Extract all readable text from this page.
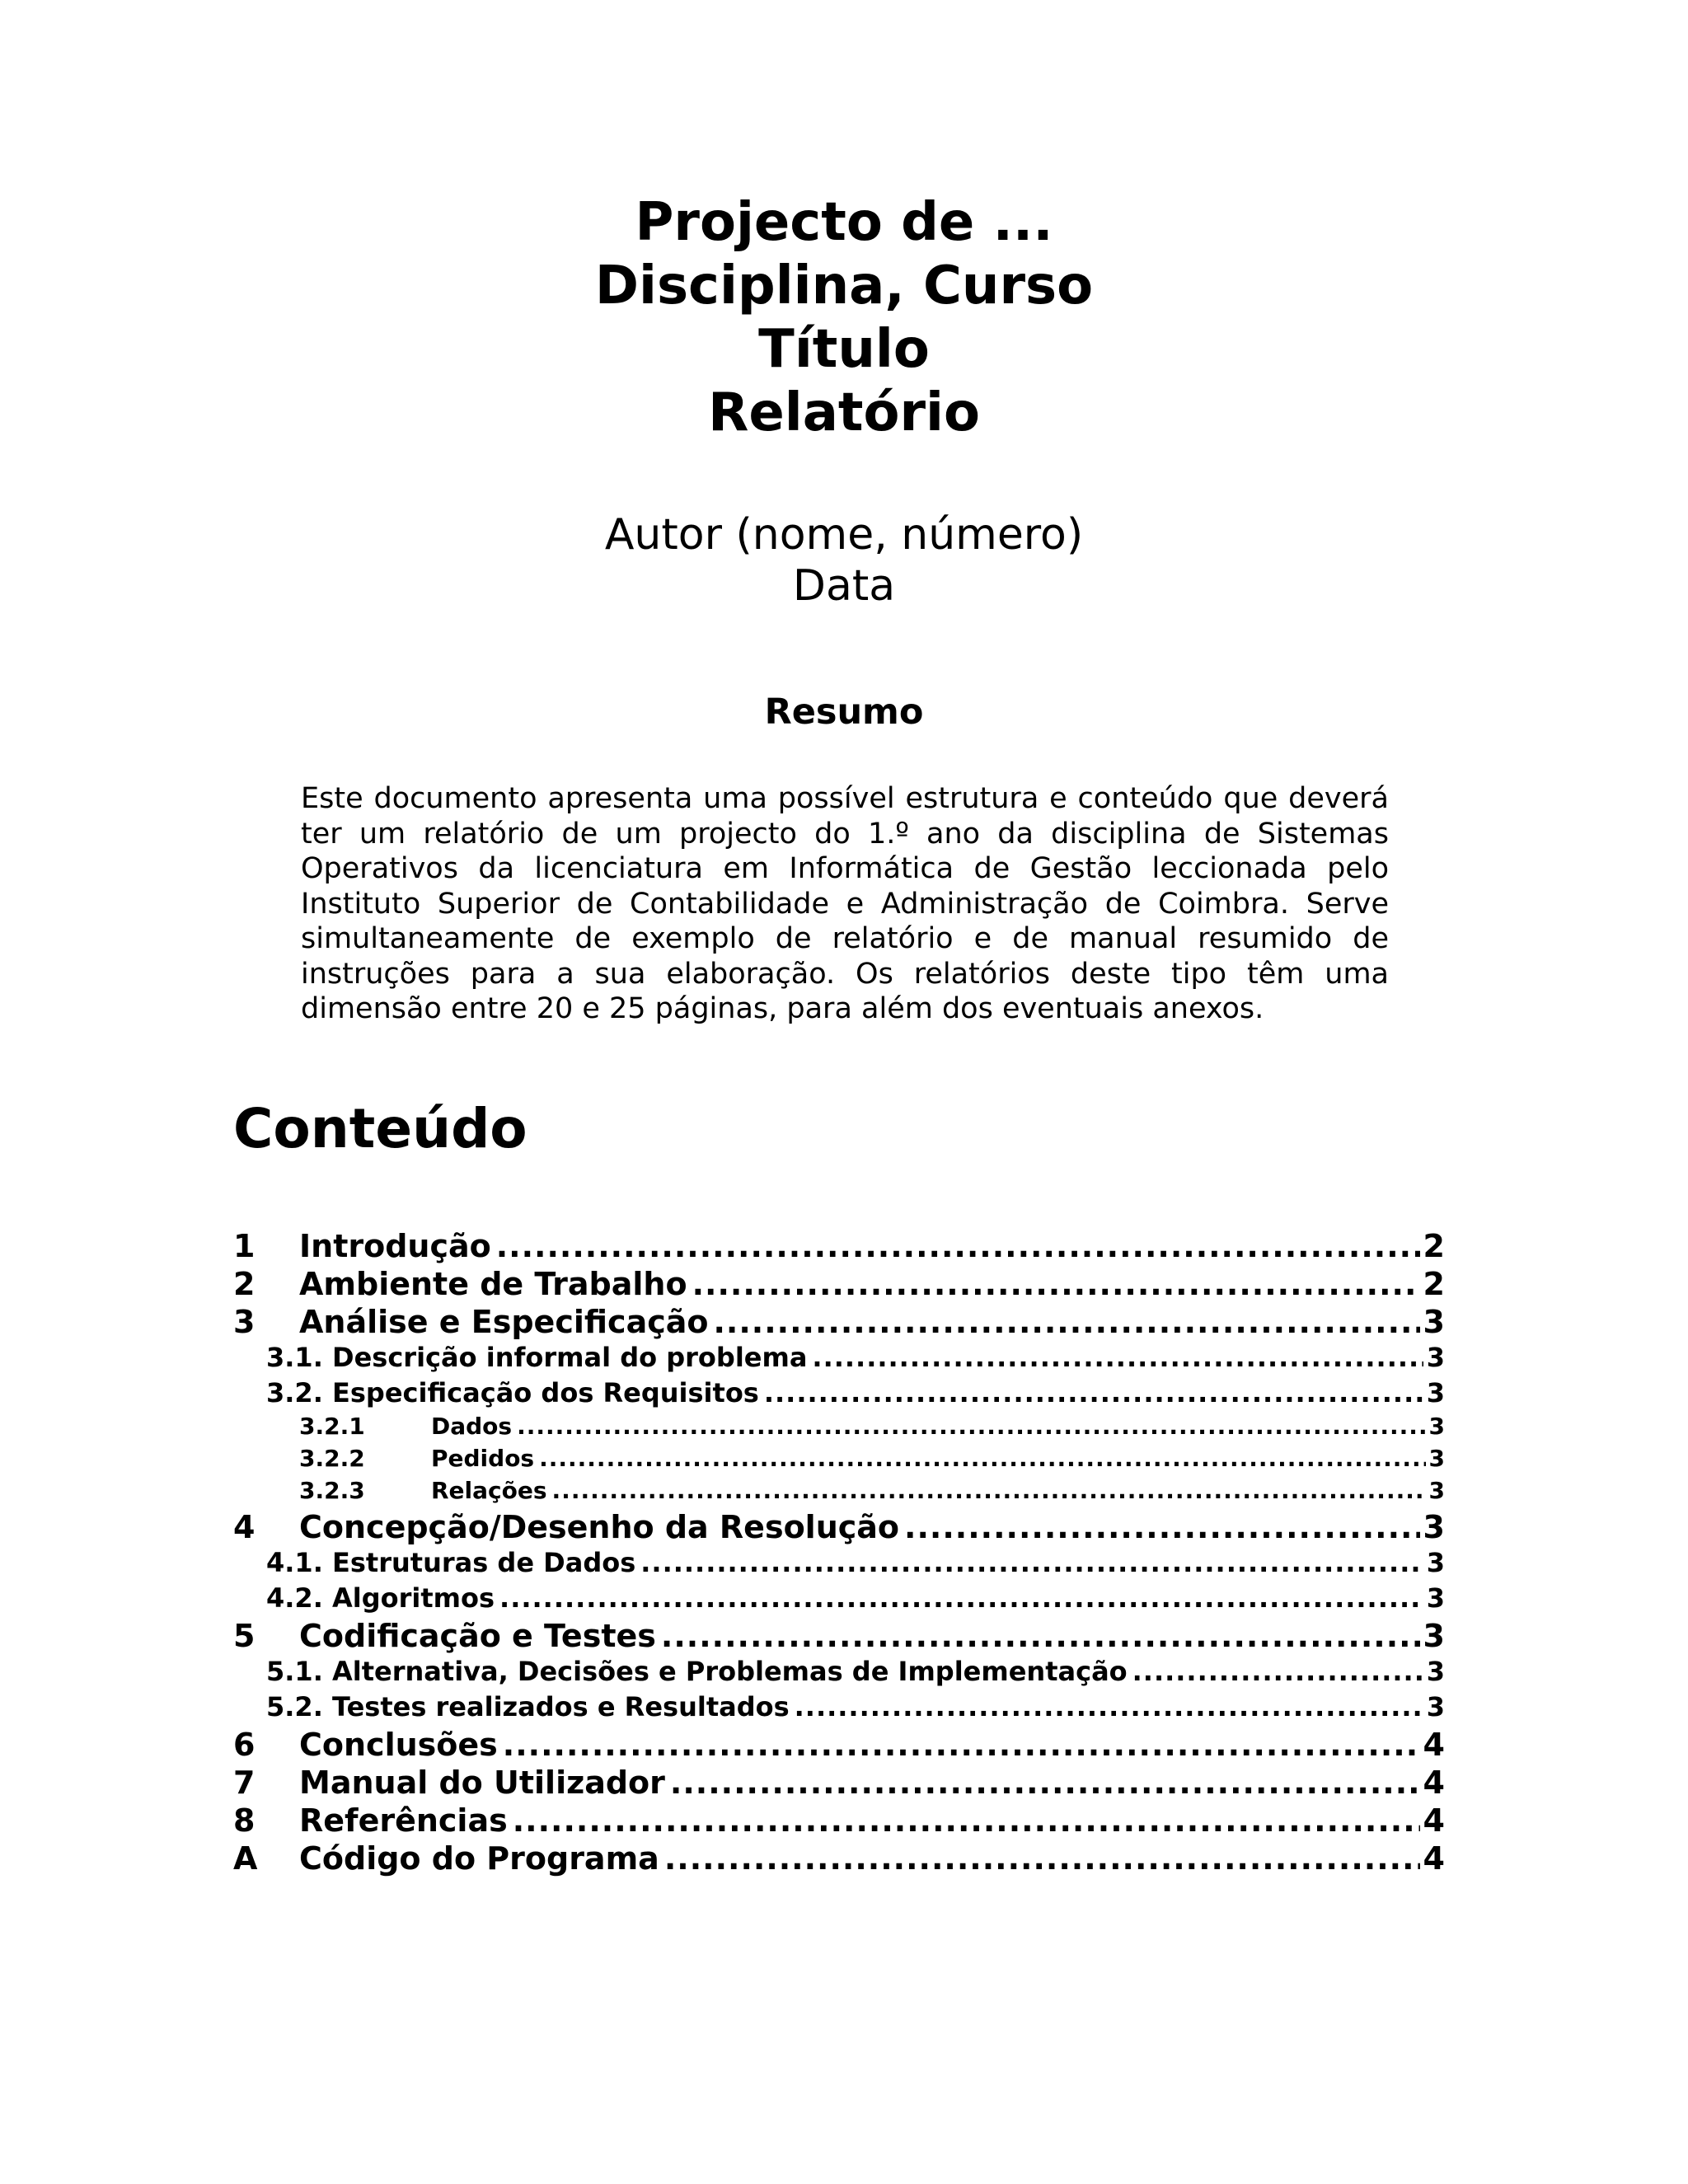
Projecto de ...
Disciplina, Curso
Título
Relatório
Autor (nome, número)
Data
Resumo
Este documento apresenta uma possível estrutura e conteúdo que deverá ter um relatório de um projecto do 1.º ano da disciplina de Sistemas Operativos da licenciatura em Informática de Gestão leccionada pelo Instituto Superior de Contabilidade e Administração de Coimbra. Serve simultaneamente de exemplo de relatório e de manual resumido de instruções para a sua elaboração. Os relatórios deste tipo têm uma dimensão entre 20 e 25 páginas, para além dos eventuais anexos.
Conteúdo
1	Introdução .....	2
2	Ambiente de Trabalho .....	2
3	Análise e Especificação .....	3
3.1. Descrição informal do problema .....	3
3.2. Especificação dos Requisitos .....	3
3.2.1	Dados .....	3
3.2.2	Pedidos .....	3
3.2.3	Relações .....	3
4	Concepção/Desenho da Resolução .....	3
4.1. Estruturas de Dados .....	3
4.2. Algoritmos .....	3
5	Codificação e Testes .....	3
5.1. Alternativa, Decisões e Problemas de Implementação .....	3
5.2. Testes realizados e Resultados .....	3
6	Conclusões .....	4
7	Manual do Utilizador .....	4
8	Referências .....	4
A	Código do Programa .....	4
